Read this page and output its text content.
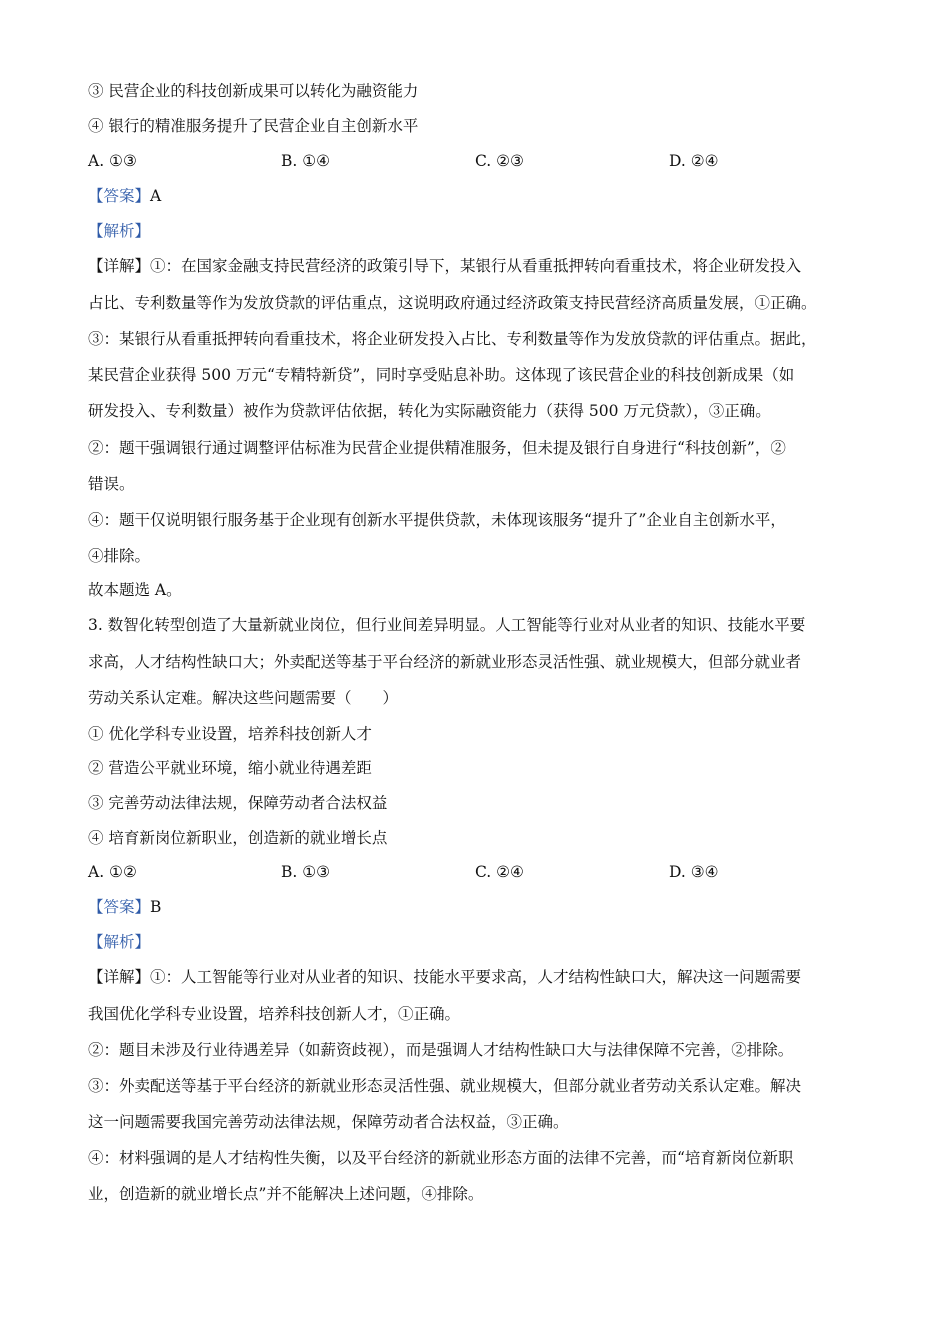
③ 民营企业的科技创新成果可以转化为融资能力
④ 银行的精准服务提升了民营企业自主创新水平
A. ①③	B. ①④	C. ②③	D. ②④
【答案】A
【解析】
【详解】①：在国家金融支持民营经济的政策引导下，某银行从看重抵押转向看重技术，将企业研发投入
占比、专利数量等作为发放贷款的评估重点，这说明政府通过经济政策支持民营经济高质量发展，①正确。
③：某银行从看重抵押转向看重技术，将企业研发投入占比、专利数量等作为发放贷款的评估重点。据此，
某民营企业获得 500 万元“专精特新贷”，同时享受贴息补助。这体现了该民营企业的科技创新成果（如
研发投入、专利数量）被作为贷款评估依据，转化为实际融资能力（获得 500 万元贷款），③正确。
②：题干强调银行通过调整评估标准为民营企业提供精准服务，但未提及银行自身进行“科技创新”，②
错误。
④：题干仅说明银行服务基于企业现有创新水平提供贷款，未体现该服务“提升了”企业自主创新水平，
④排除。
故本题选 A。
3. 数智化转型创造了大量新就业岗位，但行业间差异明显。人工智能等行业对从业者的知识、技能水平要
求高，人才结构性缺口大；外卖配送等基于平台经济的新就业形态灵活性强、就业规模大，但部分就业者
劳动关系认定难。解决这些问题需要（　　）
① 优化学科专业设置，培养科技创新人才
② 营造公平就业环境，缩小就业待遇差距
③ 完善劳动法律法规，保障劳动者合法权益
④ 培育新岗位新职业，创造新的就业增长点
A. ①②	B. ①③	C. ②④	D. ③④
【答案】B
【解析】
【详解】①：人工智能等行业对从业者的知识、技能水平要求高，人才结构性缺口大，解决这一问题需要
我国优化学科专业设置，培养科技创新人才，①正确。
②：题目未涉及行业待遇差异（如薪资歧视），而是强调人才结构性缺口大与法律保障不完善，②排除。
③：外卖配送等基于平台经济的新就业形态灵活性强、就业规模大，但部分就业者劳动关系认定难。解决
这一问题需要我国完善劳动法律法规，保障劳动者合法权益，③正确。
④：材料强调的是人才结构性失衡，以及平台经济的新就业形态方面的法律不完善，而“培育新岗位新职
业，创造新的就业增长点”并不能解决上述问题，④排除。
